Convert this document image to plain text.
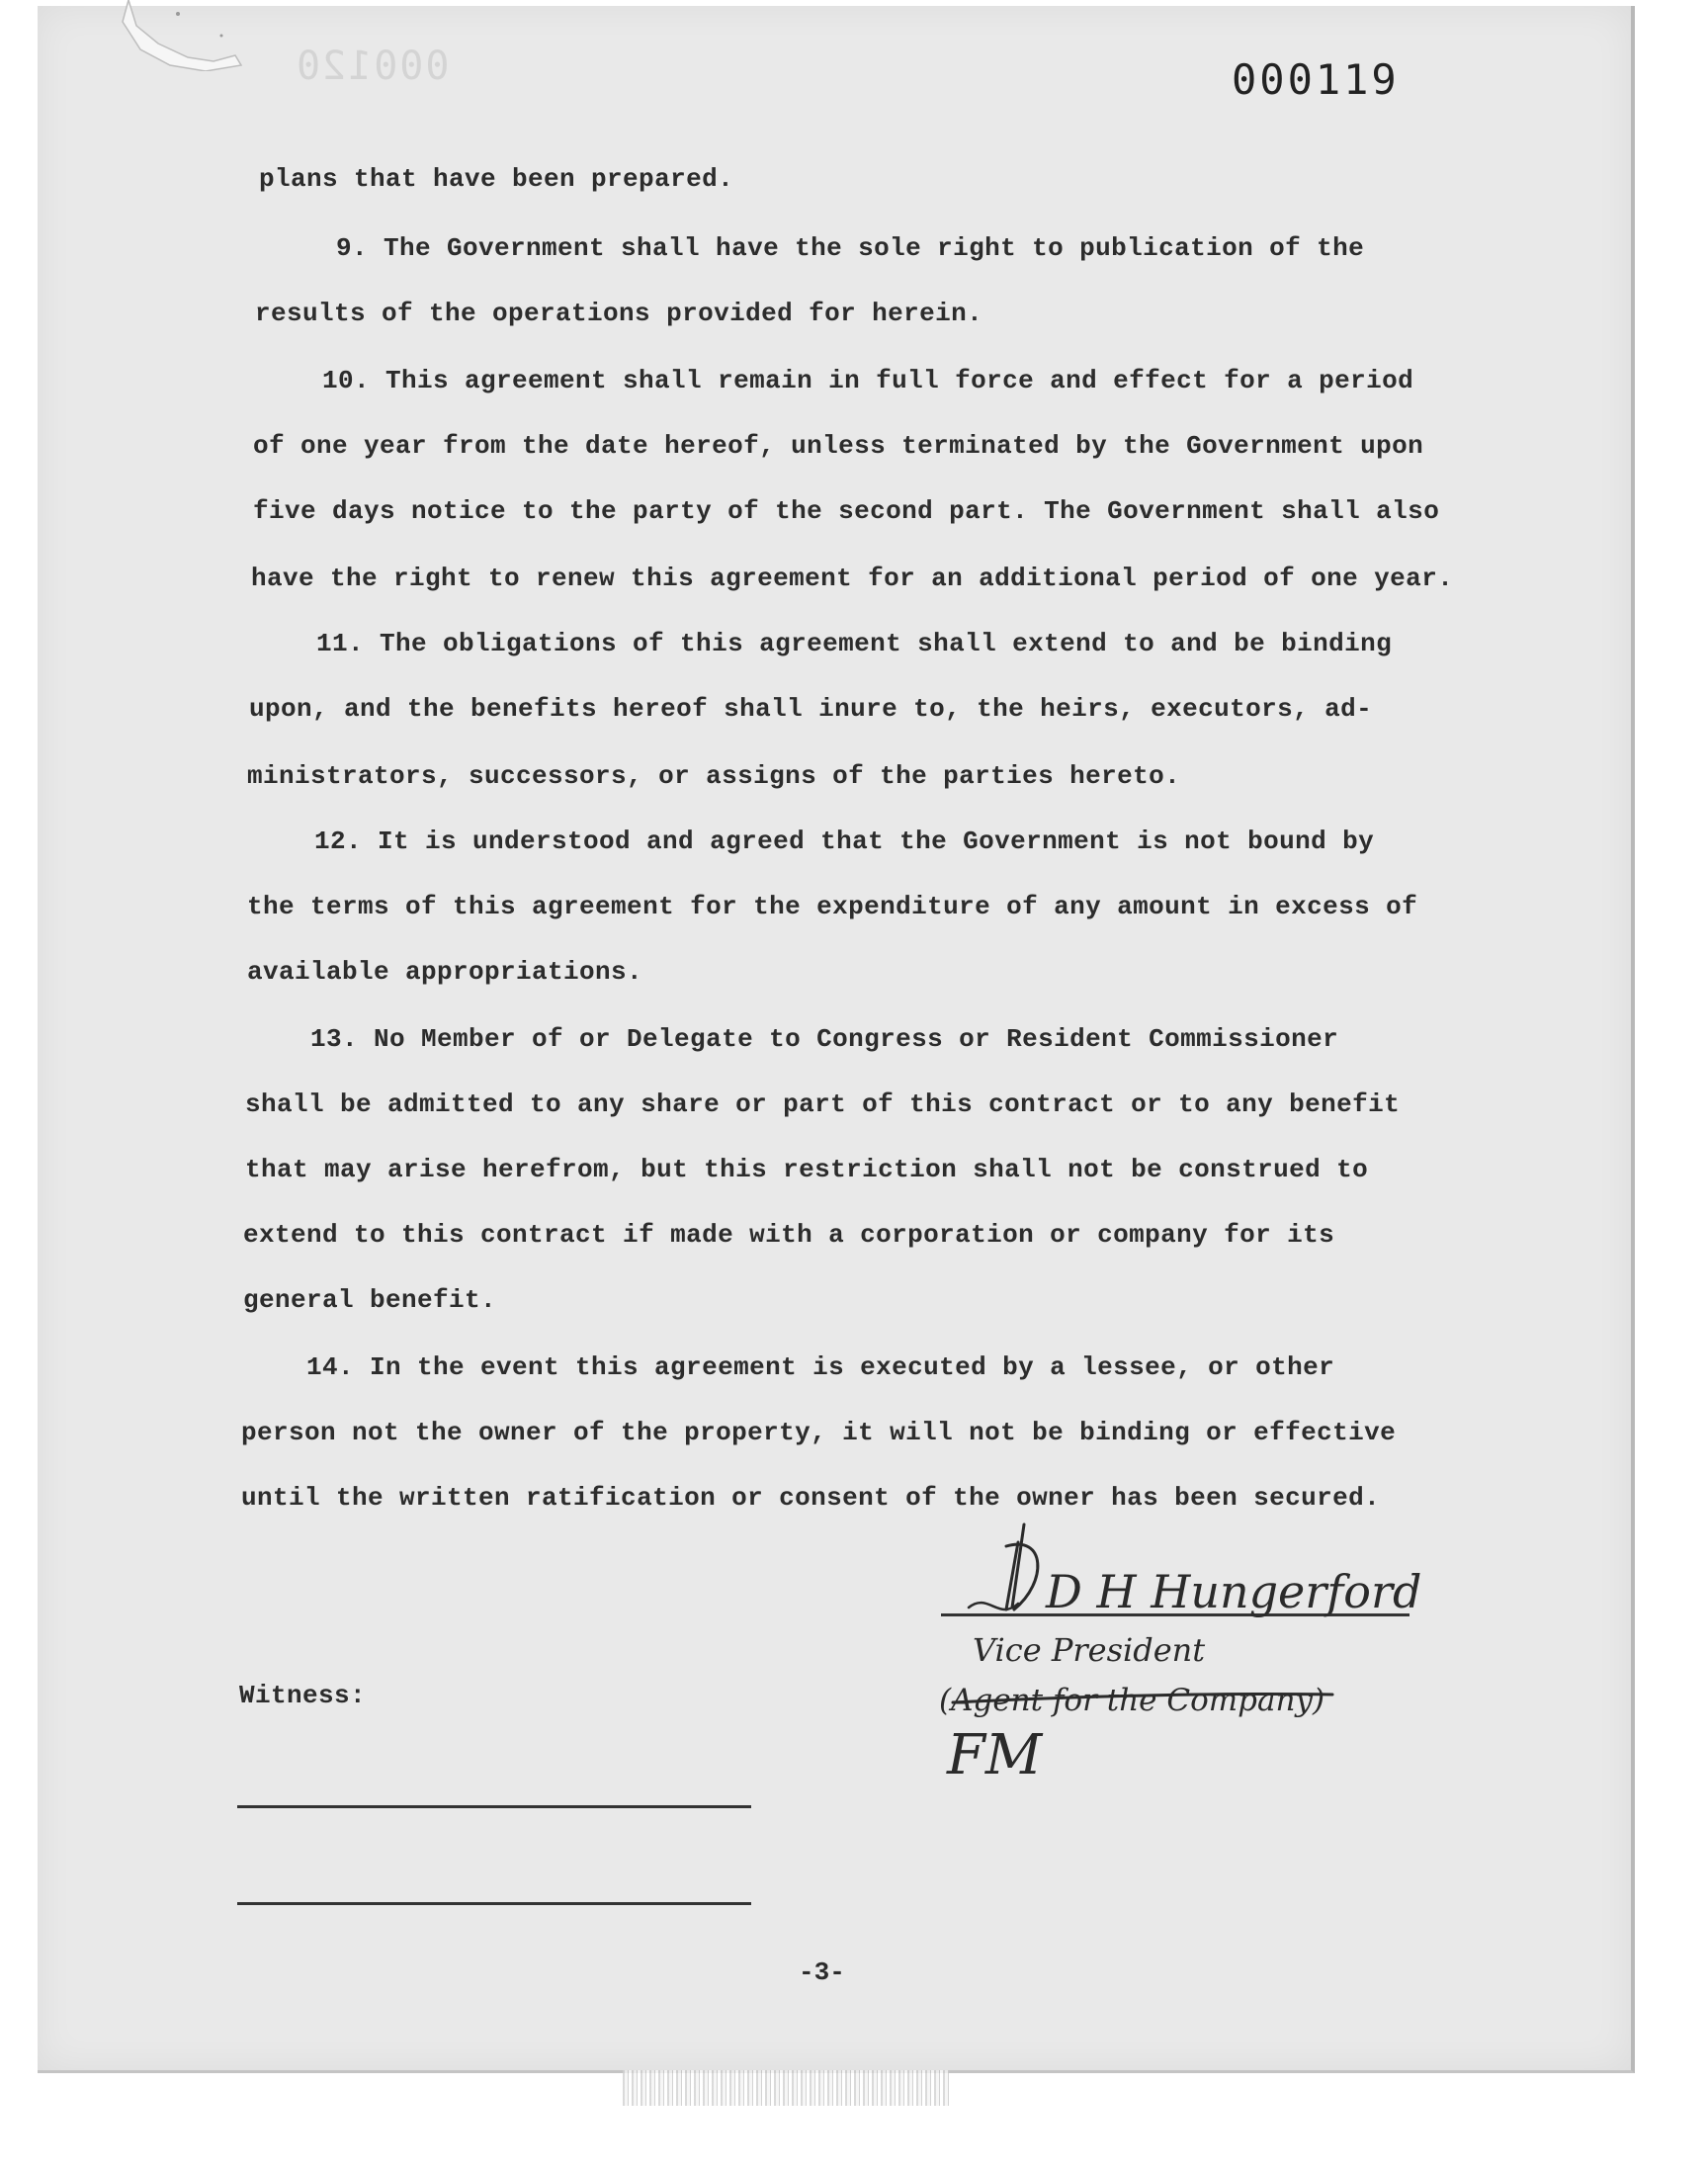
000120	000119

plans that have been prepared.

9. The Government shall have the sole right to publication of the

results of the operations provided for herein.

10. This agreement shall remain in full force and effect for a period

of one year from the date hereof, unless terminated by the Government upon

five days notice to the party of the second part. The Government shall also

have the right to renew this agreement for an additional period of one year.

11. The obligations of this agreement shall extend to and be binding

upon, and the benefits hereof shall inure to, the heirs, executors, ad-

ministrators, successors, or assigns of the parties hereto.

12. It is understood and agreed that the Government is not bound by

the terms of this agreement for the expenditure of any amount in excess of

available appropriations.

13. No Member of or Delegate to Congress or Resident Commissioner

shall be admitted to any share or part of this contract or to any benefit

that may arise herefrom, but this restriction shall not be construed to

extend to this contract if made with a corporation or company for its

general benefit.

14. In the event this agreement is executed by a lessee, or other

person not the owner of the property, it will not be binding or effective

until the written ratification or consent of the owner has been secured.

D H Hungerford
Vice President
(Agent for the Company)
FM

Witness:

-3-
